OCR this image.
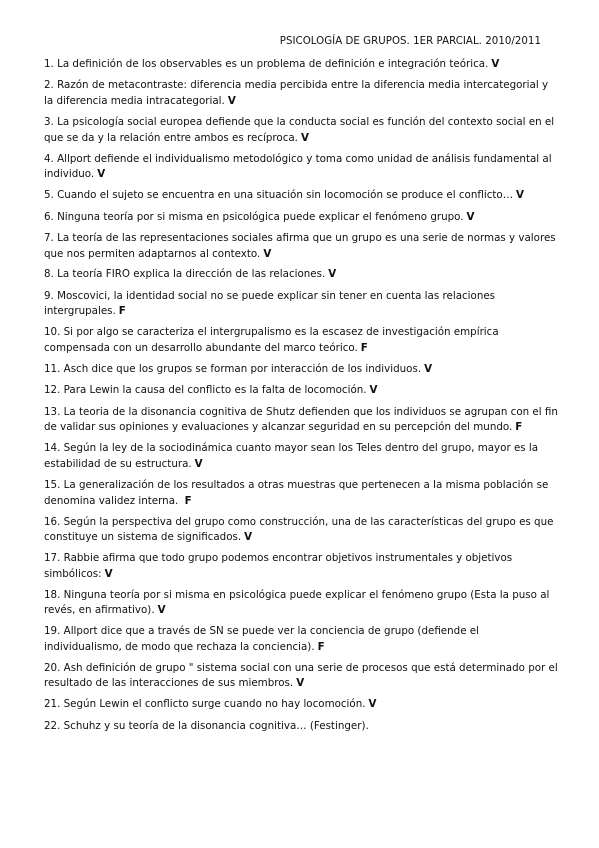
PSICOLOGÍA DE GRUPOS. 1ER PARCIAL. 2010/2011
1. La definición de los observables es un problema de definición e integración teórica. V
2. Razón de metacontraste: diferencia media percibida entre la diferencia media intercategorial y la diferencia media intracategorial. V
3. La psicología social europea defiende que la conducta social es función del contexto social en el que se da y la relación entre ambos es recíproca. V
4. Allport defiende el individualismo metodológico y toma como unidad de análisis fundamental al individuo. V
5. Cuando el sujeto se encuentra en una situación sin locomoción se produce el conflicto… V
6. Ninguna teoría por si misma en psicológica puede explicar el fenómeno grupo. V
7. La teoría de las representaciones sociales afirma que un grupo es una serie de normas y valores que nos permiten adaptarnos al contexto. V
8. La teoría FIRO explica la dirección de las relaciones. V
9. Moscovici, la identidad social no se puede explicar sin tener en cuenta las relaciones intergrupales. F
10. Si por algo se caracteriza el intergrupalismo es la escasez de investigación empírica compensada con un desarrollo abundante del marco teórico. F
11. Asch dice que los grupos se forman por interacción de los individuos. V
12. Para Lewin la causa del conflicto es la falta de locomoción. V
13. La teoria de la disonancia cognitiva de Shutz defienden que los individuos se agrupan con el fin de validar sus opiniones y evaluaciones y alcanzar seguridad en su percepción del mundo. F
14. Según la ley de la sociodinámica cuanto mayor sean los Teles dentro del grupo, mayor es la estabilidad de su estructura. V
15. La generalización de los resultados a otras muestras que pertenecen a la misma población se denomina validez interna. F
16. Según la perspectiva del grupo como construcción, una de las características del grupo es que constituye un sistema de significados. V
17. Rabbie afirma que todo grupo podemos encontrar objetivos instrumentales y objetivos simbólicos: V
18. Ninguna teoría por si misma en psicológica puede explicar el fenómeno grupo (Esta la puso al revés, en afirmativo). V
19. Allport dice que a través de SN se puede ver la conciencia de grupo (defiende el individualismo, de modo que rechaza la conciencia). F
20. Ash definición de grupo " sistema social con una serie de procesos que está determinado por el resultado de las interacciones de sus miembros. V
21. Según Lewin el conflicto surge cuando no hay locomoción. V
22. Schuhz y su teoría de la disonancia cognitiva… (Festinger).
